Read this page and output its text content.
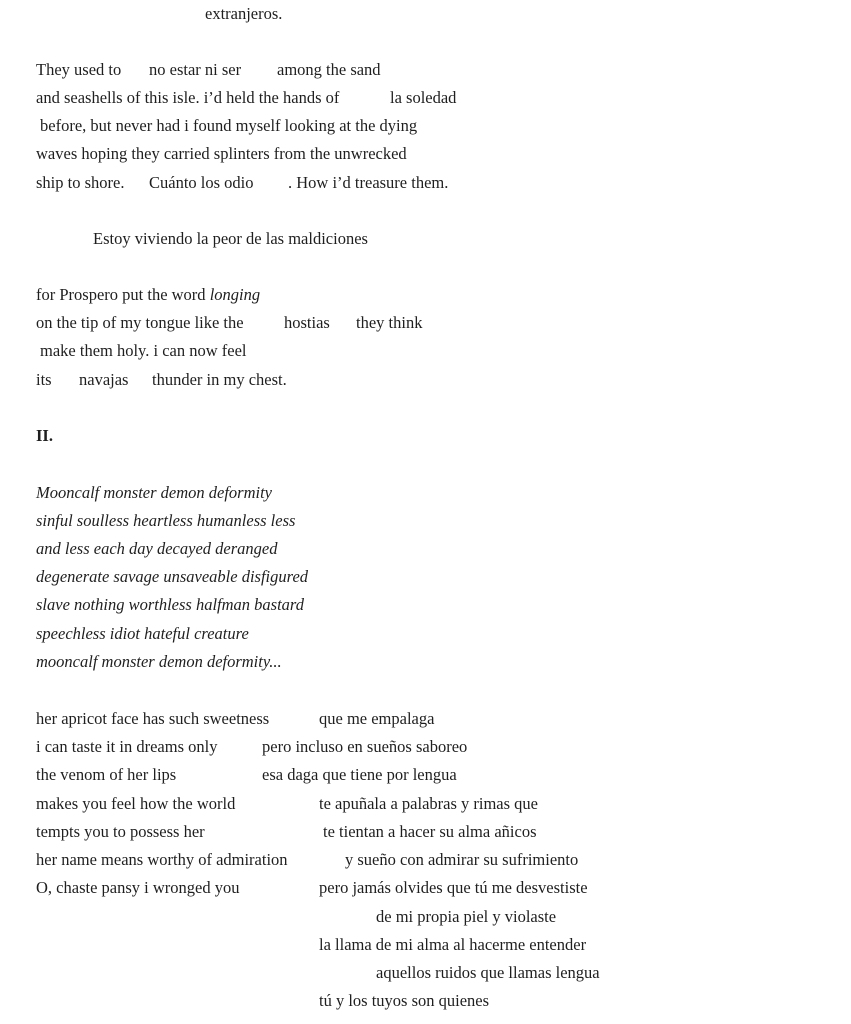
extranjeros.
They used to no estar ni ser among the sand
and seashells of this isle. i’d held the hands of	la soledad
before, but never had i found myself looking at the dying
waves hoping they carried splinters from the unwrecked
ship to shore. Cuánto los odio . How i’d treasure them.
Estoy viviendo la peor de las maldiciones
for Prospero put the word longing
on the tip of my tongue like the hostias they think
make them holy. i can now feel
its navajas thunder in my chest.
II.
Mooncalf monster demon deformity
sinful soulless heartless humanless less
and less each day decayed deranged
degenerate savage unsaveable disfigured
slave nothing worthless halfman bastard
speechless idiot hateful creature
mooncalf monster demon deformity...
her apricot face has such sweetness
i can taste it in dreams only
the venom of her lips
makes you feel how the world
tempts you to possess her
her name means worthy of admiration
O, chaste pansy i wronged you
que me empalaga
pero incluso en sueños saboreo
esa daga que tiene por lengua
te apuñala a palabras y rimas que
te tientan a hacer su alma añicos
y sueño con admirar su sufrimiento
pero jamás olvides que tú me desvestiste
de mi propia piel y violaste
la llama de mi alma al hacerme entender
aquellos ruidos que llamas lengua
tú y los tuyos son quienes
